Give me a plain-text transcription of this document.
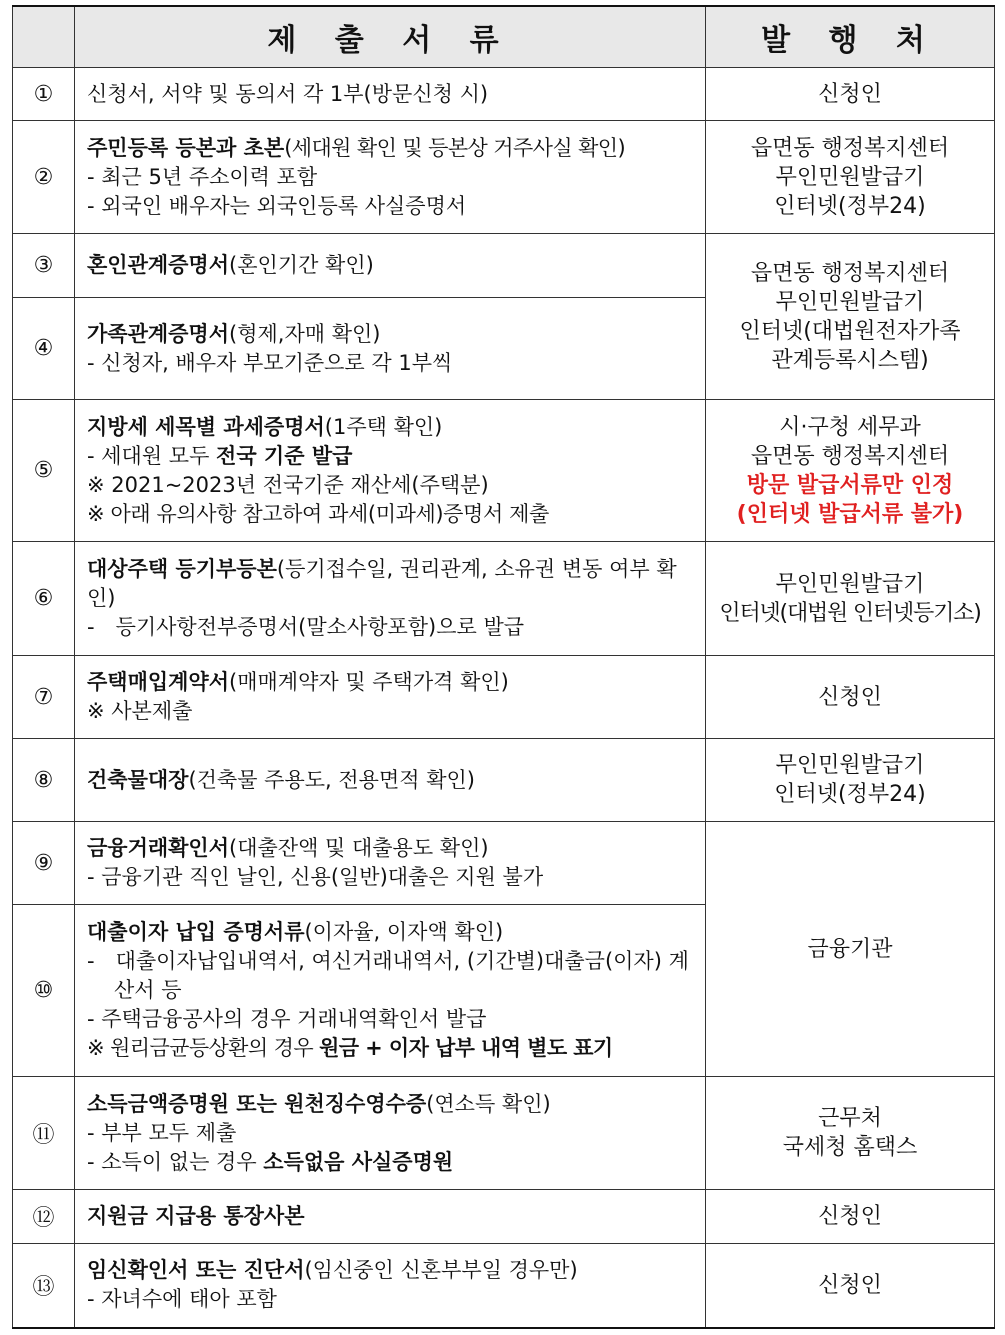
	제 출 서 류	발 행 처
①	신청서, 서약 및 동의서 각 1부(방문신청 시)	신청인

②	주민등록 등본과 초본(세대원 확인 및 등본상 거주사실 확인)
- 최근 5년 주소이력 포함
- 외국인 배우자는 외국인등록 사실증명서	읍면동 행정복지센터
무인민원발급기
인터넷(정부24)

③	혼인관계증명서(혼인기간 확인)	읍면동 행정복지센터
무인민원발급기
인터넷(대법원전자가족
관계등록시스템)

④	가족관계증명서(형제,자매 확인)
- 신청자, 배우자 부모기준으로 각 1부씩	

⑤	지방세 세목별 과세증명서(1주택 확인)
- 세대원 모두 전국 기준 발급
※ 2021~2023년 전국기준 재산세(주택분)
※ 아래 유의사항 참고하여 과세(미과세)증명서 제출	시·구청 세무과
읍면동 행정복지센터
방문 발급서류만 인정
(인터넷 발급서류 불가)

⑥	대상주택 등기부등본(등기접수일, 권리관계, 소유권 변동 여부 확인)
-　등기사항전부증명서(말소사항포함)으로 발급	무인민원발급기
인터넷(대법원 인터넷등기소)

⑦	주택매입계약서(매매계약자 및 주택가격 확인)
※ 사본제출	신청인

⑧	건축물대장(건축물 주용도, 전용면적 확인)	무인민원발급기
인터넷(정부24)

⑨	금융거래확인서(대출잔액 및 대출용도 확인)
- 금융기관 직인 날인, 신용(일반)대출은 지원 불가	금융기관

⑩	대출이자 납입 증명서류(이자율, 이자액 확인)
-　대출이자납입내역서, 여신거래내역서, (기간별)대출금(이자) 계산서 등
- 주택금융공사의 경우 거래내역확인서 발급
※ 원리금균등상환의 경우 원금 + 이자 납부 내역 별도 표기	

⑪	소득금액증명원 또는 원천징수영수증(연소득 확인)
- 부부 모두 제출
- 소득이 없는 경우 소득없음 사실증명원	근무처
국세청 홈택스

⑫	지원금 지급용 통장사본	신청인

⑬	임신확인서 또는 진단서(임신중인 신혼부부일 경우만)
- 자녀수에 태아 포함	신청인
